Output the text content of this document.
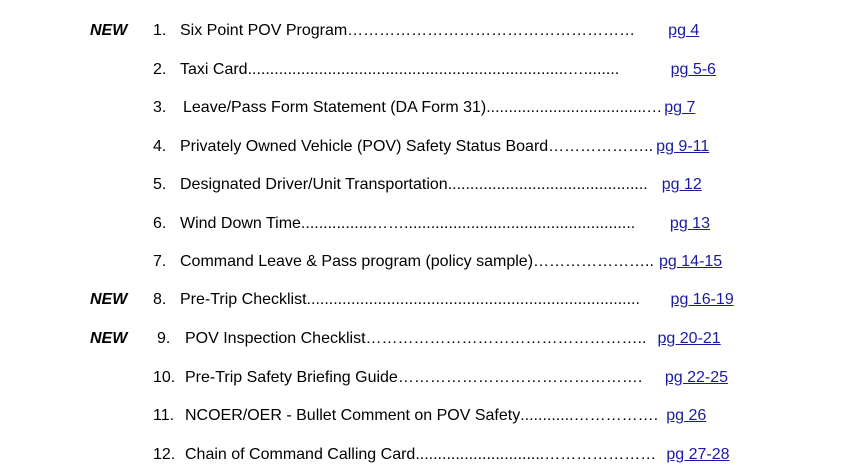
NEW 1. Six Point POV Program ………………………………………………	pg 4
2. Taxi Card ........................................................................…........	pg 5-6
3.	Leave/Pass Form Statement (DA Form 31) ....................................… pg 7
4. Privately Owned Vehicle (POV) Safety Status Board ……………….. pg 9-11
5. Designated Driver/Unit Transportation ............................................. pg 12
6. Wind Down Time ................……....................................................	pg 13
7. Command Leave & Pass program (policy sample) ………………….. pg 14-15
NEW 8. Pre-Trip Checklist ...........................................................................	pg 16-19
NEW 9. POV Inspection Checklist …………………………………………….. pg 20-21
10. Pre-Trip Safety Briefing Guide ……………………………………….	pg 22-25
11. NCOER/OER - Bullet Comment on POV Safety ............……………. pg 26
12. Chain of Command Calling Card .............................………………… pg 27-28
